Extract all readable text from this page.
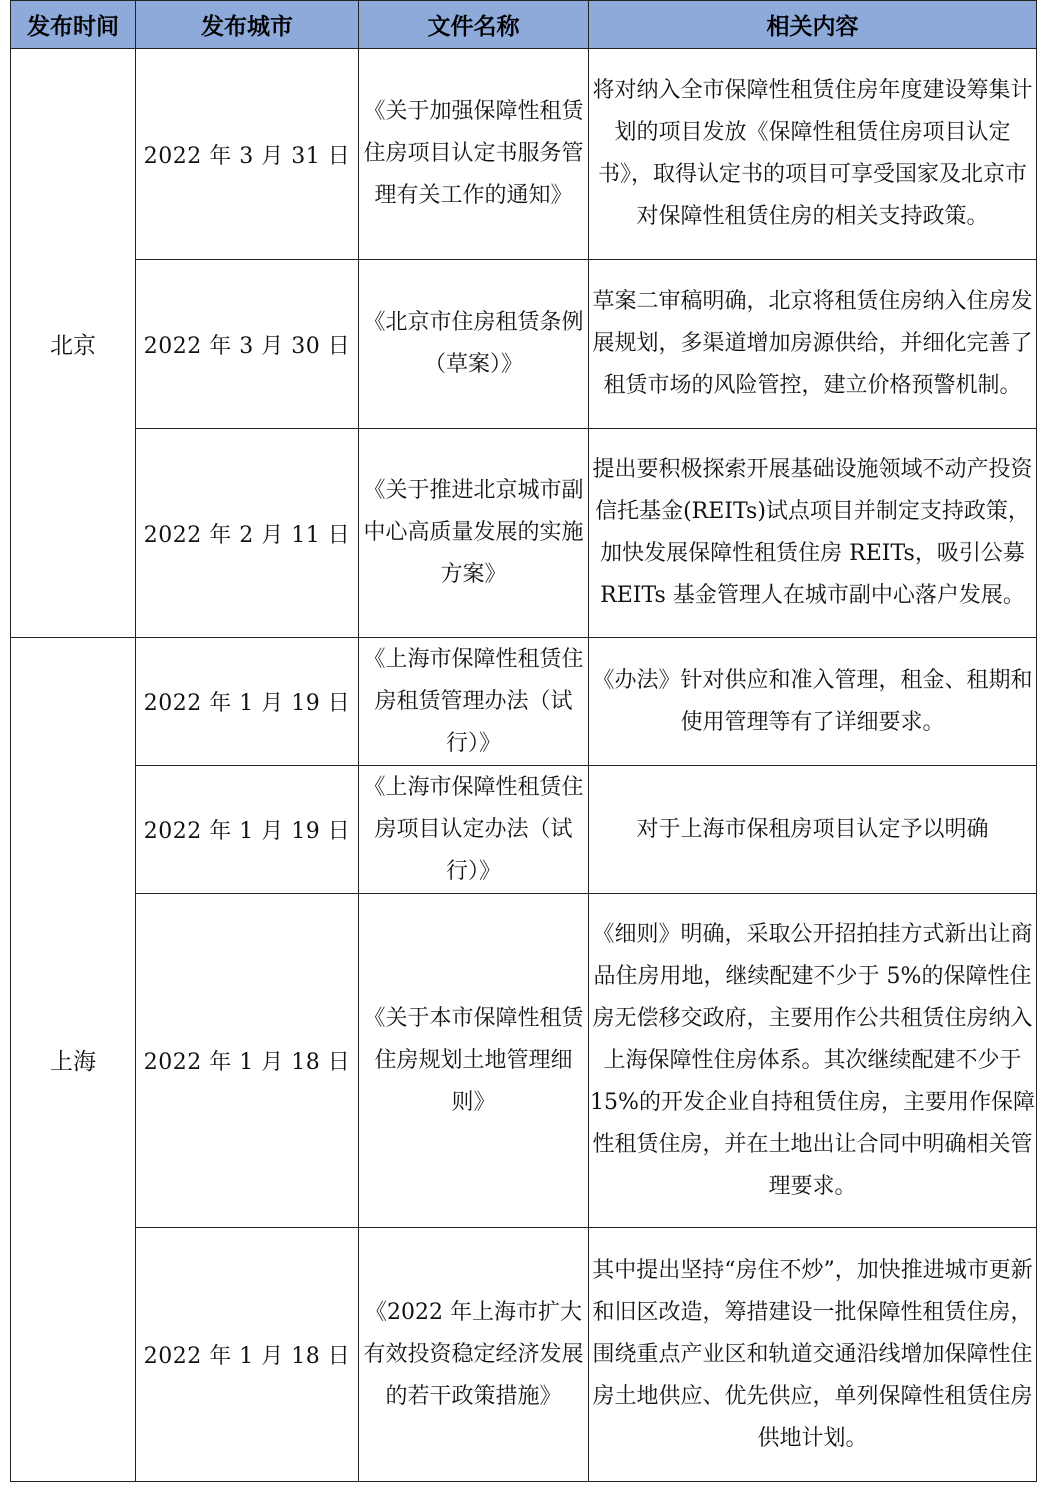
发布时间	发布城市	文件名称	相关内容
北京	2022 年 3 月 31 日	《关于加强保障性租赁住房项目认定书服务管理有关工作的通知》	将对纳入全市保障性租赁住房年度建设筹集计划的项目发放《保障性租赁住房项目认定书》，取得认定书的项目可享受国家及北京市对保障性租赁住房的相关支持政策。
	2022 年 3 月 30 日	《北京市住房租赁条例（草案）》	草案二审稿明确，北京将租赁住房纳入住房发展规划，多渠道增加房源供给，并细化完善了租赁市场的风险管控，建立价格预警机制。
	2022 年 2 月 11 日	《关于推进北京城市副中心高质量发展的实施方案》	提出要积极探索开展基础设施领域不动产投资信托基金(REITs)试点项目并制定支持政策，加快发展保障性租赁住房 REITs，吸引公募 REITs 基金管理人在城市副中心落户发展。
上海	2022 年 1 月 19 日	《上海市保障性租赁住房租赁管理办法（试行）》	《办法》针对供应和准入管理，租金、租期和使用管理等有了详细要求。
	2022 年 1 月 19 日	《上海市保障性租赁住房项目认定办法（试行）》	对于上海市保租房项目认定予以明确
	2022 年 1 月 18 日	《关于本市保障性租赁住房规划土地管理细则》	《细则》明确，采取公开招拍挂方式新出让商品住房用地，继续配建不少于 5%的保障性住房无偿移交政府，主要用作公共租赁住房纳入上海保障性住房体系。其次继续配建不少于 15%的开发企业自持租赁住房，主要用作保障性租赁住房，并在土地出让合同中明确相关管理要求。
	2022 年 1 月 18 日	《2022 年上海市扩大有效投资稳定经济发展的若干政策措施》	其中提出坚持“房住不炒”，加快推进城市更新和旧区改造，筹措建设一批保障性租赁住房，围绕重点产业区和轨道交通沿线增加保障性住房土地供应、优先供应，单列保障性租赁住房供地计划。
